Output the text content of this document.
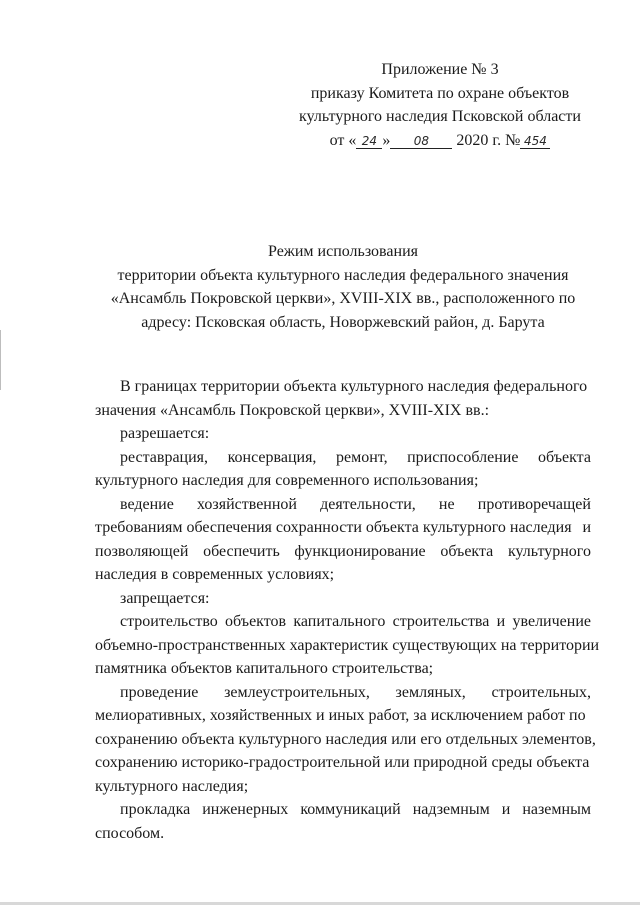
Приложение № 3
приказу Комитета по охране объектов
культурного наследия Псковской области
от « 24 » 08 2020 г. № 454
Режим использования
территории объекта культурного наследия федерального значения
«Ансамбль Покровской церкви», XVIII-XIX вв., расположенного по
адресу: Псковская область, Новоржевский район, д. Барута
В границах территории объекта культурного наследия федерального
значения «Ансамбль Покровской церкви», XVIII-XIX вв.:
разрешается:
реставрация, консервация, ремонт, приспособление объекта
культурного наследия для современного использования;
ведение хозяйственной деятельности, не противоречащей
требованиям обеспечения сохранности объекта культурного наследия и
позволяющей обеспечить функционирование объекта культурного
наследия в современных условиях;
запрещается:
строительство объектов капитального строительства и увеличение
объемно-пространственных характеристик существующих на территории
памятника объектов капитального строительства;
проведение землеустроительных, земляных, строительных,
мелиоративных, хозяйственных и иных работ, за исключением работ по
сохранению объекта культурного наследия или его отдельных элементов,
сохранению историко-градостроительной или природной среды объекта
культурного наследия;
прокладка инженерных коммуникаций надземным и наземным
способом.
